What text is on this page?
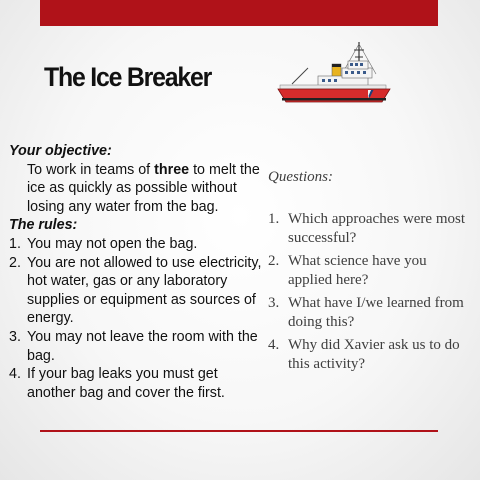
The Ice Breaker
Your objective:
To work in teams of three to melt the ice as quickly as possible without losing any water from the bag.
The rules:
1. You may not open the bag.
2. You are not allowed to use electricity, hot water, gas or any laboratory supplies or equipment as sources of energy.
3. You may not leave the room with the bag.
4. If your bag leaks you must get another bag and cover the first.
Questions:
1. Which approaches were most successful?
2. What science have you applied here?
3. What have I/we learned from doing this?
4. Why did Xavier ask us to do this activity?
